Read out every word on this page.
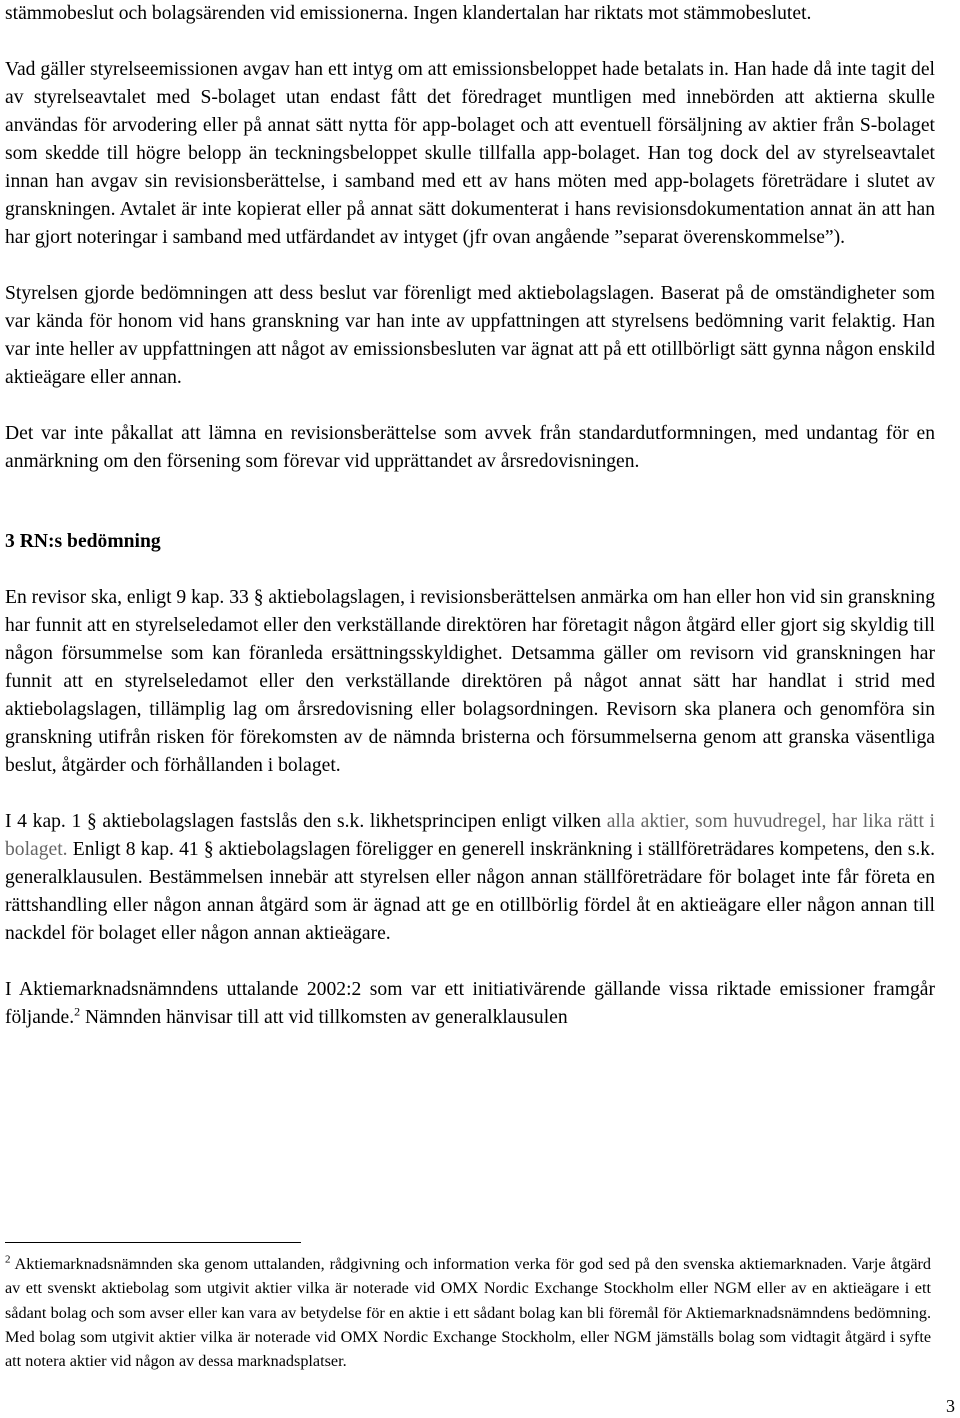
stämmobeslut och bolagsärenden vid emissionerna. Ingen klandertalan har riktats mot stämmobeslutet.

Vad gäller styrelseemissionen avgav han ett intyg om att emissionsbeloppet hade betalats in. Han hade då inte tagit del av styrelseavtalet med S-bolaget utan endast fått det föredraget muntligen med innebörden att aktierna skulle användas för arvodering eller på annat sätt nytta för app-bolaget och att eventuell försäljning av aktier från S-bolaget som skedde till högre belopp än teckningsbeloppet skulle tillfalla app-bolaget. Han tog dock del av styrelseavtalet innan han avgav sin revisionsberättelse, i samband med ett av hans möten med app-bolagets företrädare i slutet av granskningen. Avtalet är inte kopierat eller på annat sätt dokumenterat i hans revisionsdokumentation annat än att han har gjort noteringar i samband med utfärdandet av intyget (jfr ovan angående ”separat överenskommelse”).

Styrelsen gjorde bedömningen att dess beslut var förenligt med aktiebolagslagen. Baserat på de omständigheter som var kända för honom vid hans granskning var han inte av uppfattningen att styrelsens bedömning varit felaktig. Han var inte heller av uppfattningen att något av emissionsbesluten var ägnat att på ett otillbörligt sätt gynna någon enskild aktieägare eller annan.

Det var inte påkallat att lämna en revisionsberättelse som avvek från standardutformningen, med undantag för en anmärkning om den försening som förevar vid upprättandet av årsredovisningen.

3 RN:s bedömning

En revisor ska, enligt 9 kap. 33 § aktiebolagslagen, i revisionsberättelsen anmärka om han eller hon vid sin granskning har funnit att en styrelseledamot eller den verkställande direktören har företagit någon åtgärd eller gjort sig skyldig till någon försummelse som kan föranleda ersättningsskyldighet. Detsamma gäller om revisorn vid granskningen har funnit att en styrelseledamot eller den verkställande direktören på något annat sätt har handlat i strid med aktiebolagslagen, tillämplig lag om årsredovisning eller bolagsordningen. Revisorn ska planera och genomföra sin granskning utifrån risken för förekomsten av de nämnda bristerna och försummelserna genom att granska väsentliga beslut, åtgärder och förhållanden i bolaget.

I 4 kap. 1 § aktiebolagslagen fastslås den s.k. likhetsprincipen enligt vilken alla aktier, som huvudregel, har lika rätt i bolaget. Enligt 8 kap. 41 § aktiebolagslagen föreligger en generell inskränkning i ställföreträdares kompetens, den s.k. generalklausulen. Bestämmelsen innebär att styrelsen eller någon annan ställföreträdare för bolaget inte får företa en rättshandling eller någon annan åtgärd som är ägnad att ge en otillbörlig fördel åt en aktieägare eller någon annan till nackdel för bolaget eller någon annan aktieägare.

I Aktiemarknadsnämndens uttalande 2002:2 som var ett initiativärende gällande vissa riktade emissioner framgår följande.$^2$ Nämnden hänvisar till att vid tillkomsten av generalklausulen

$^2$ Aktiemarknadsnämnden ska genom uttalanden, rådgivning och information verka för god sed på den svenska aktiemarknaden. Varje åtgärd av ett svenskt aktiebolag som utgivit aktier vilka är noterade vid OMX Nordic Exchange Stockholm eller NGM eller av en aktieägare i ett sådant bolag och som avser eller kan vara av betydelse för en aktie i ett sådant bolag kan bli föremål för Aktiemarknadsnämndens bedömning. Med bolag som utgivit aktier vilka är noterade vid OMX Nordic Exchange Stockholm, eller NGM jämställs bolag som vidtagit åtgärd i syfte att notera aktier vid någon av dessa marknadsplatser.

3
